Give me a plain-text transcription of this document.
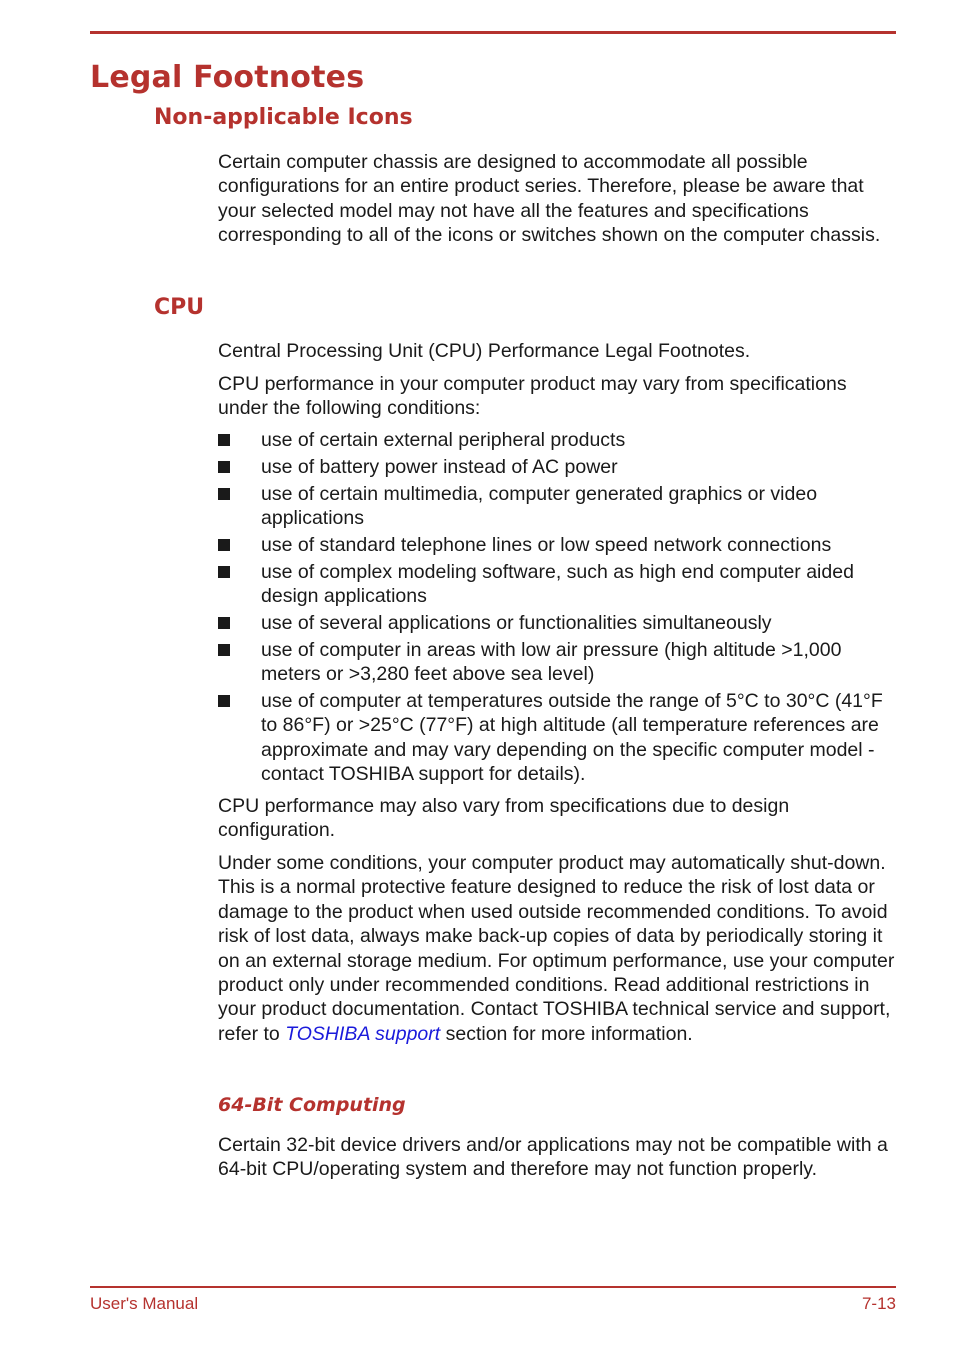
Legal Footnotes
Non-applicable Icons

Certain computer chassis are designed to accommodate all possible configurations for an entire product series. Therefore, please be aware that your selected model may not have all the features and specifications corresponding to all of the icons or switches shown on the computer chassis.

CPU

Central Processing Unit (CPU) Performance Legal Footnotes.

CPU performance in your computer product may vary from specifications under the following conditions:

use of certain external peripheral products
use of battery power instead of AC power
use of certain multimedia, computer generated graphics or video applications
use of standard telephone lines or low speed network connections
use of complex modeling software, such as high end computer aided design applications
use of several applications or functionalities simultaneously
use of computer in areas with low air pressure (high altitude >1,000 meters or >3,280 feet above sea level)
use of computer at temperatures outside the range of 5°C to 30°C (41°F to 86°F) or >25°C (77°F) at high altitude (all temperature references are approximate and may vary depending on the specific computer model - contact TOSHIBA support for details).

CPU performance may also vary from specifications due to design configuration.

Under some conditions, your computer product may automatically shut-down. This is a normal protective feature designed to reduce the risk of lost data or damage to the product when used outside recommended conditions. To avoid risk of lost data, always make back-up copies of data by periodically storing it on an external storage medium. For optimum performance, use your computer product only under recommended conditions. Read additional restrictions in your product documentation. Contact TOSHIBA technical service and support, refer to TOSHIBA support section for more information.

64-Bit Computing

Certain 32-bit device drivers and/or applications may not be compatible with a 64-bit CPU/operating system and therefore may not function properly.

User's Manual	7-13
